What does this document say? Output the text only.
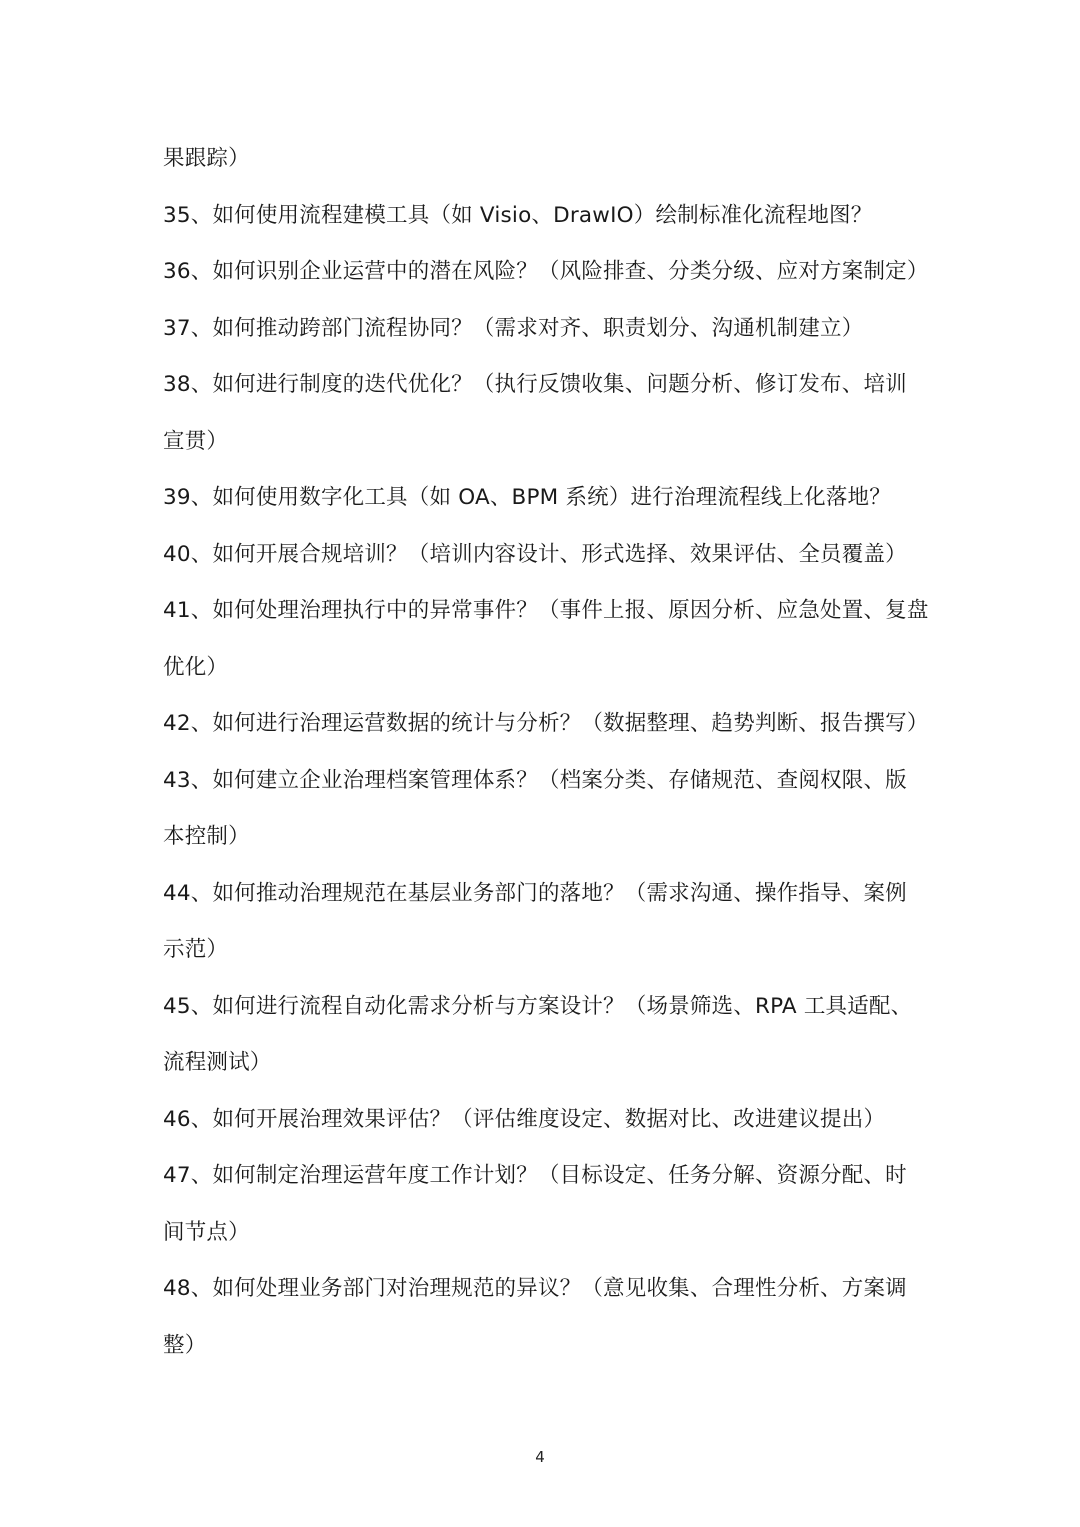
果跟踪）
35、如何使用流程建模工具（如 Visio、DrawIO）绘制标准化流程地图？
36、如何识别企业运营中的潜在风险？（风险排查、分类分级、应对方案制定）
37、如何推动跨部门流程协同？（需求对齐、职责划分、沟通机制建立）
38、如何进行制度的迭代优化？（执行反馈收集、问题分析、修订发布、培训
宣贯）
39、如何使用数字化工具（如 OA、BPM 系统）进行治理流程线上化落地？
40、如何开展合规培训？（培训内容设计、形式选择、效果评估、全员覆盖）
41、如何处理治理执行中的异常事件？（事件上报、原因分析、应急处置、复盘
优化）
42、如何进行治理运营数据的统计与分析？（数据整理、趋势判断、报告撰写）
43、如何建立企业治理档案管理体系？（档案分类、存储规范、查阅权限、版
本控制）
44、如何推动治理规范在基层业务部门的落地？（需求沟通、操作指导、案例
示范）
45、如何进行流程自动化需求分析与方案设计？（场景筛选、RPA 工具适配、
流程测试）
46、如何开展治理效果评估？（评估维度设定、数据对比、改进建议提出）
47、如何制定治理运营年度工作计划？（目标设定、任务分解、资源分配、时
间节点）
48、如何处理业务部门对治理规范的异议？（意见收集、合理性分析、方案调
整）
4
